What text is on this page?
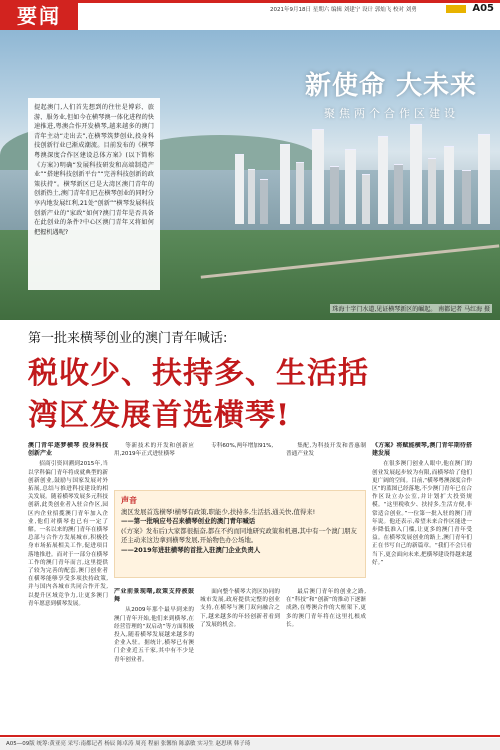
要闻	2021年9月18日 星期六 编辑 刘建宁 设计 郭灿飞 校对 刘勇	A05
新使命 大未来
聚焦两个合作区建设
珠海十字门水道,见证横琴新区的崛起。 南都记者 马红海 摄
提起澳门,人们首先想到的往往是博彩、旅游、服务业,但如今在横琴澳一体化进程的快速推进,粤澳合作开发横琴,越来越多的澳门青年主动“走出去”,在横琴筑梦创业,投身科技创新行业已渐成潮流。目前发布的《横琴粤澳深度合作区建设总体方案》(以下简称《方案》)明确“发展科技研发和高端制造产业”“搭建科技创新平台”“完善科技创新的政策扶持”。横琴新区已是大湾区澳门青年的创新热土,澳门青年们已在横琴创业的同时分享内地发展红利,21处“创新”“横琴发展科技创新产业的”家政“如何?澳门青年是否具备在此创业的条件?中心区澳门青年又将如何把握机遇呢?
第一批来横琴创业的澳门青年喊话:
税收少、扶持多、生活括
湾区发展首选横琴!
澳门青年逐梦横琴 投身科技创新产业

招商引资回溯到2015年,当以学科偏门青年将成就典型的新创新创业,鼓励与国家发展对外拓展,总结与推进科技建设的相关发展。随着横琴发展多元科技创新,此类创业者入驻合作区,园区内企业招揽澳门青年加入企业,他们对横琴也已有一定了解。一名以来的澳门青年在横琴总部与合作方发展城市,积极投身市场拓展相关工作,促进项目落地推进。而对于一部分在横琴工作的澳门青年而言,这里提供了较为完善的配套,澳门创业者在横琴能够享受多项扶持政策,并与国内各城市共同合作开发,以提升区域竞争力,让更多澳门青年愿意到横琴发展。

等新技术的开发和创新应用,2019年正式进驻横琴

专科60%,两年增加91%,	集配,为科技开发和普惠制普通产业发

声音
澳区发展首选横琴!横琴有政策,职能少,扶持多,生活括,通关快,值得来!
——第一批响应号召来横琴创业的澳门青年喊话
(《方案》发布后)大家都很振奋,都在不约而同地研究政策和机遇,其中有一个澳门朋友还主动来这边拿到横琴发展,开始物色办公场地。
——2019年进驻横琴的首批入驻澳门企业负责人
产业前景现曙,政策支持被鼓舞

从2009年那个最早到来的澳门青年开始,他们来到横琴,在经营管理的“双启动”等方面积极投入,随着横琴发展越来越多的企业入驻。据统计,横琴已有澳门企业近五千家,其中有不少是青年创业者。

面向整个横琴大湾区协同的城市发展,政府提供完整的创业支持,在横琴与澳门双向融合之下,越来越多的年轻创新者看到了发展的机会。

最后澳门青年的创业之路,在“科技”和“创新”的推动下逐渐成熟,在粤澳合作的大框架下,更多的澳门青年将在这里扎根成长。

《方案》将赋能横琴,澳门青年期待搭建发展

在很多澳门创业人眼中,他在澳门的创业发展起步较为有限,而横琴给了他们更广阔的空间。目前,“横琴粤澳深度合作区”的蓝图已经落地,不少澳门青年已在合作区设立办公室,并计划扩大投资规模。“这里税收少、扶持多,生活方便,非常适合创业。”一位第一批入驻的澳门青年说。他还表示,希望未来合作区能进一步降低准入门槛,让更多的澳门青年受益。在横琴发展创业的路上,澳门青年们正在书写自己的新篇章。“我们不会只看当下,更会面向未来,把横琴建设得越来越好。”

A05—09版 统筹:黄亚亮 采写:南都记者 杨辰 陈卓涛 周亮 程丽 张馨怡 陈嘉敏 实习生 赵思琪 韩子琦
